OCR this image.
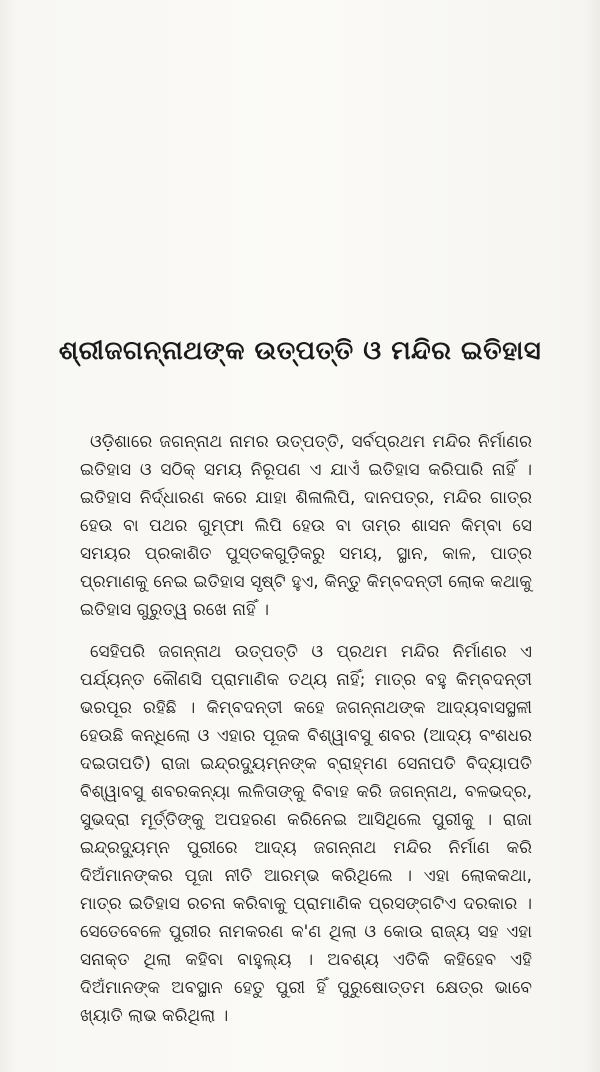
ଶ୍ରୀଜଗନ୍ନାଥଙ୍କ ଉତ୍ପତ୍ତି ଓ ମନ୍ଦିର ଇତିହାସ

ଓଡ଼ିଶାରେ ଜଗନ୍ନାଥ ନାମର ଉତ୍ପତ୍ତି, ସର୍ବପ୍ରଥମ ମନ୍ଦିର ନିର୍ମାଣର ଇତିହାସ ଓ ସଠିକ୍ ସମୟ ନିରୂପଣ ଏ ଯାଏଁ ଇତିହାସ କରିପାରି ନାହିଁ । ଇତିହାସ ନିର୍ଦ୍ଧାରଣ କରେ ଯାହା ଶିଳାଲିପି, ଦାନପତ୍ର, ମନ୍ଦିର ଗାତ୍ର ହେଉ ବା ପଥର ଗୁମ୍ଫା ଲିପି ହେଉ ବା ତାମ୍ର ଶାସନ କିମ୍ବା ସେ ସମୟର ପ୍ରକାଶିତ ପୁସ୍ତକଗୁଡ଼ିକରୁ ସମୟ, ସ୍ଥାନ, କାଳ, ପାତ୍ର ପ୍ରମାଣକୁ ନେଇ ଇତିହାସ ସୃଷ୍ଟି ହୁଏ, କିନ୍ତୁ କିମ୍ବଦନ୍ତୀ ଲୋକ କଥାକୁ ଇତିହାସ ଗୁରୁତ୍ୱ ରଖେ ନାହିଁ ।

ସେହିପରି ଜଗନ୍ନାଥ ଉତ୍ପତ୍ତି ଓ ପ୍ରଥମ ମନ୍ଦିର ନିର୍ମାଣର ଏ ପର୍ଯ୍ୟନ୍ତ କୌଣସି ପ୍ରାମାଣିକ ତଥ୍ୟ ନାହିଁ; ମାତ୍ର ବହୁ କିମ୍ବଦନ୍ତୀ ଭରପୂର ରହିଛି । କିମ୍ବଦନ୍ତୀ କହେ ଜଗନ୍ନାଥଙ୍କ ଆଦ୍ୟବାସସ୍ଥଳୀ ହେଉଛି କନ୍ଧିଲୋ ଓ ଏହାର ପୂଜକ ବିଶ୍ୱାବସୁ ଶବର (ଆଦ୍ୟ ବଂଶଧର ଦଇତାପତି) ରାଜା ଇନ୍ଦ୍ରଦ୍ୟୁମ୍ନଙ୍କ ବ୍ରାହ୍ମଣ ସେନାପତି ବିଦ୍ୟାପତି ବିଶ୍ୱାବସୁ ଶବରକନ୍ୟା ଲଳିତାଙ୍କୁ ବିବାହ କରି ଜଗନ୍ନାଥ, ବଳଭଦ୍ର, ସୁଭଦ୍ରା ମୂର୍ତ୍ତିଙ୍କୁ ଅପହରଣ କରିନେଇ ଆସିଥିଲେ ପୁରୀକୁ । ରାଜା ଇନ୍ଦ୍ରଦ୍ୟୁମ୍ନ ପୁରୀରେ ଆଦ୍ୟ ଜଗନ୍ନାଥ ମନ୍ଦିର ନିର୍ମାଣ କରି ଦିଅଁମାନଙ୍କର ପୂଜା ନୀତି ଆରମ୍ଭ କରିଥିଲେ । ଏହା ଲୋକକଥା, ମାତ୍ର ଇତିହାସ ରଚନା କରିବାକୁ ପ୍ରାମାଣିକ ପ୍ରସଙ୍ଗଟିଏ ଦରକାର । ସେତେବେଳେ ପୁରୀର ନାମକରଣ କ'ଣ ଥିଲା ଓ କୋଉ ରାଜ୍ୟ ସହ ଏହା ସନାକ୍ତ ଥିଲା କହିବା ବାହୁଲ୍ୟ । ଅବଶ୍ୟ ଏତିକି କହିହେବ ଏହି ଦିଅଁମାନଙ୍କ ଅବସ୍ଥାନ ହେତୁ ପୁରୀ ହିଁ ପୁରୁଷୋତ୍ତମ କ୍ଷେତ୍ର ଭାବେ ଖ୍ୟାତି ଲାଭ କରିଥିଲା ।
